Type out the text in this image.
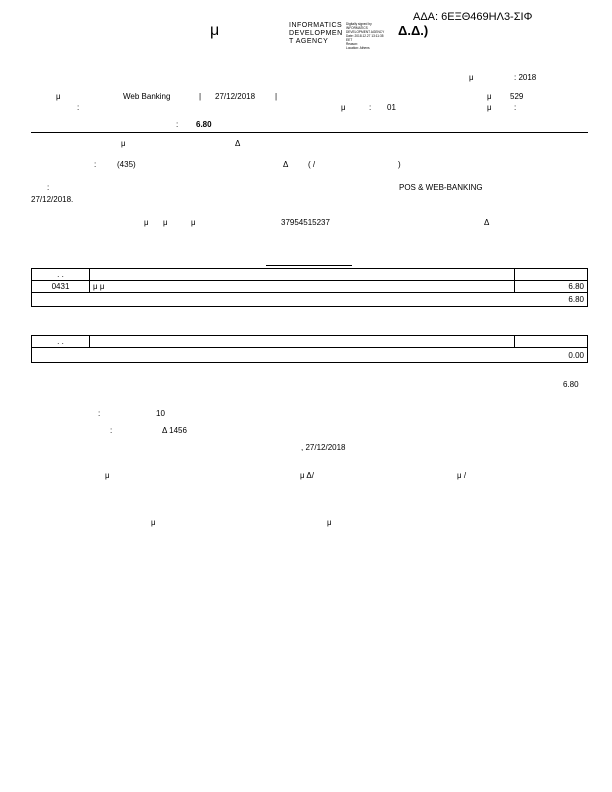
ΑΔΑ: 6ΕΞΘ469ΗΛ3-ΣΙΦ
μ	INFORMATICS
DEVELOPMEN
T AGENCY
Digitally signed by
INFORMATICS
DEVELOPMENT AGENCY
Date: 2018.12.27 13:11:35
EET
Reason:
Location: Athens
Δ.Δ.)
μ	: 2018
μ	Web Banking	| 27/12/2018 |	μ 529
:	μ	: 01	μ	:
: 6.80
μ	Δ
:	(435)	Δ ( /	)
:	POS & WEB-BANKING
27/12/2018.
μ μ	μ	37954515237	Δ
. .		
0431	μ μ	6.80
6.80		
. .		
0.00
6.80
:	10
:	Δ 1456
, 27/12/2018
μ	μ Δ/	μ /
μ	μ
